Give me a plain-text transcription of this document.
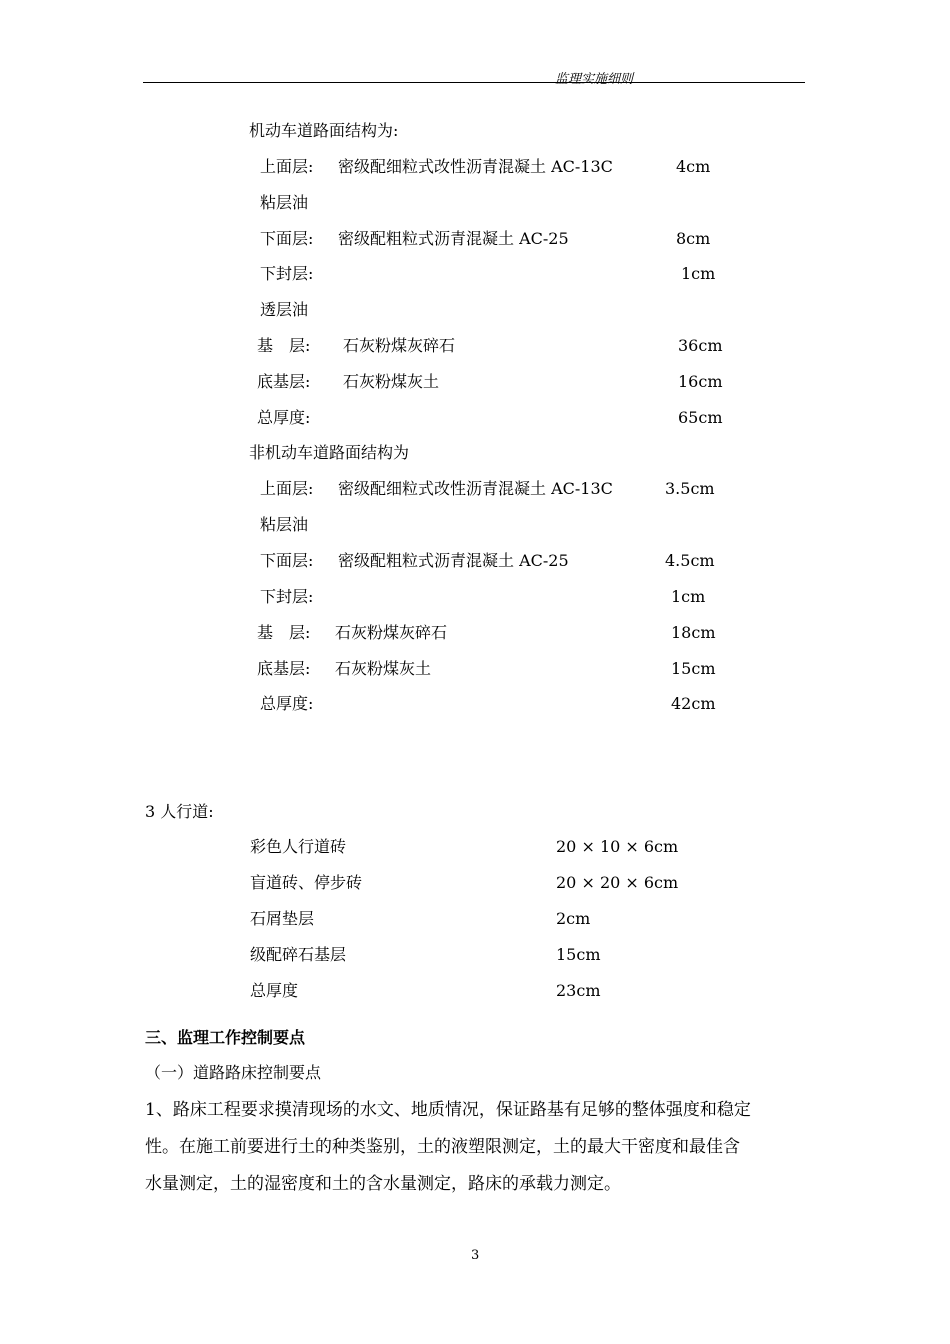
监理实施细则
机动车道路面结构为:
上面层: 密级配细粒式改性沥青混凝土 AC-13C	4cm
粘层油
下面层: 密级配粗粒式沥青混凝土 AC-25	8cm
下封层:	1cm
透层油
基　层: 石灰粉煤灰碎石	36cm
底基层: 石灰粉煤灰土	16cm
总厚度:	65cm
非机动车道路面结构为
上面层: 密级配细粒式改性沥青混凝土 AC-13C	3.5cm
粘层油
下面层: 密级配粗粒式沥青混凝土 AC-25	4.5cm
下封层:	1cm
基　层: 石灰粉煤灰碎石	18cm
底基层: 石灰粉煤灰土	15cm
总厚度:	42cm
3 人行道:
彩色人行道砖	20 × 10 × 6cm
盲道砖、停步砖	20 × 20 × 6cm
石屑垫层	2cm
级配碎石基层	15cm
总厚度	23cm
三、监理工作控制要点
（一）道路路床控制要点
1、路床工程要求摸清现场的水文、地质情况，保证路基有足够的整体强度和稳定
性。在施工前要进行土的种类鉴别，土的液塑限测定，土的最大干密度和最佳含
水量测定，土的湿密度和土的含水量测定，路床的承载力测定。
3
